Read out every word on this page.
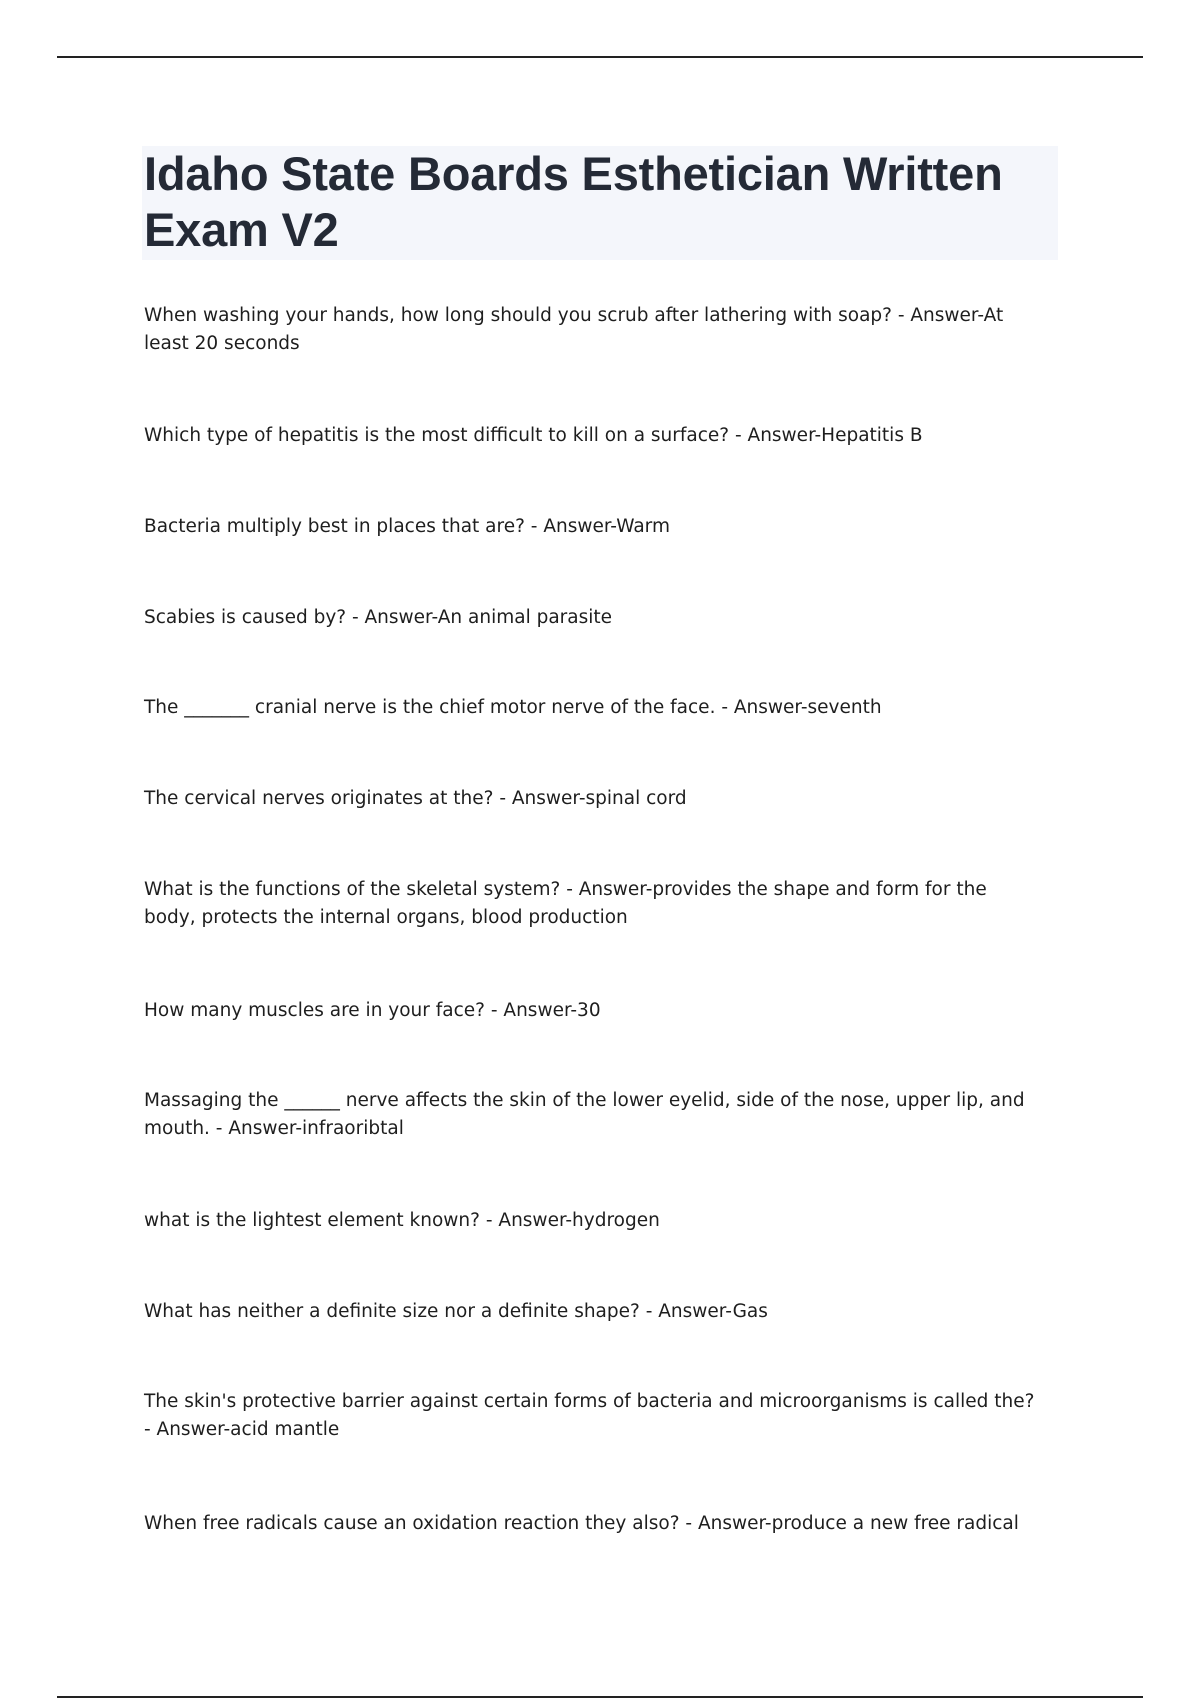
Idaho State Boards Esthetician Written Exam V2
When washing your hands, how long should you scrub after lathering with soap? - Answer-At least 20 seconds
Which type of hepatitis is the most difficult to kill on a surface? - Answer-Hepatitis B
Bacteria multiply best in places that are? - Answer-Warm
Scabies is caused by? - Answer-An animal parasite
The _______ cranial nerve is the chief motor nerve of the face. - Answer-seventh
The cervical nerves originates at the? - Answer-spinal cord
What is the functions of the skeletal system? - Answer-provides the shape and form for the body, protects the internal organs, blood production
How many muscles are in your face? - Answer-30
Massaging the ______ nerve affects the skin of the lower eyelid, side of the nose, upper lip, and mouth. - Answer-infraoribtal
what is the lightest element known? - Answer-hydrogen
What has neither a definite size nor a definite shape? - Answer-Gas
The skin's protective barrier against certain forms of bacteria and microorganisms is called the? - Answer-acid mantle
When free radicals cause an oxidation reaction they also? - Answer-produce a new free radical
